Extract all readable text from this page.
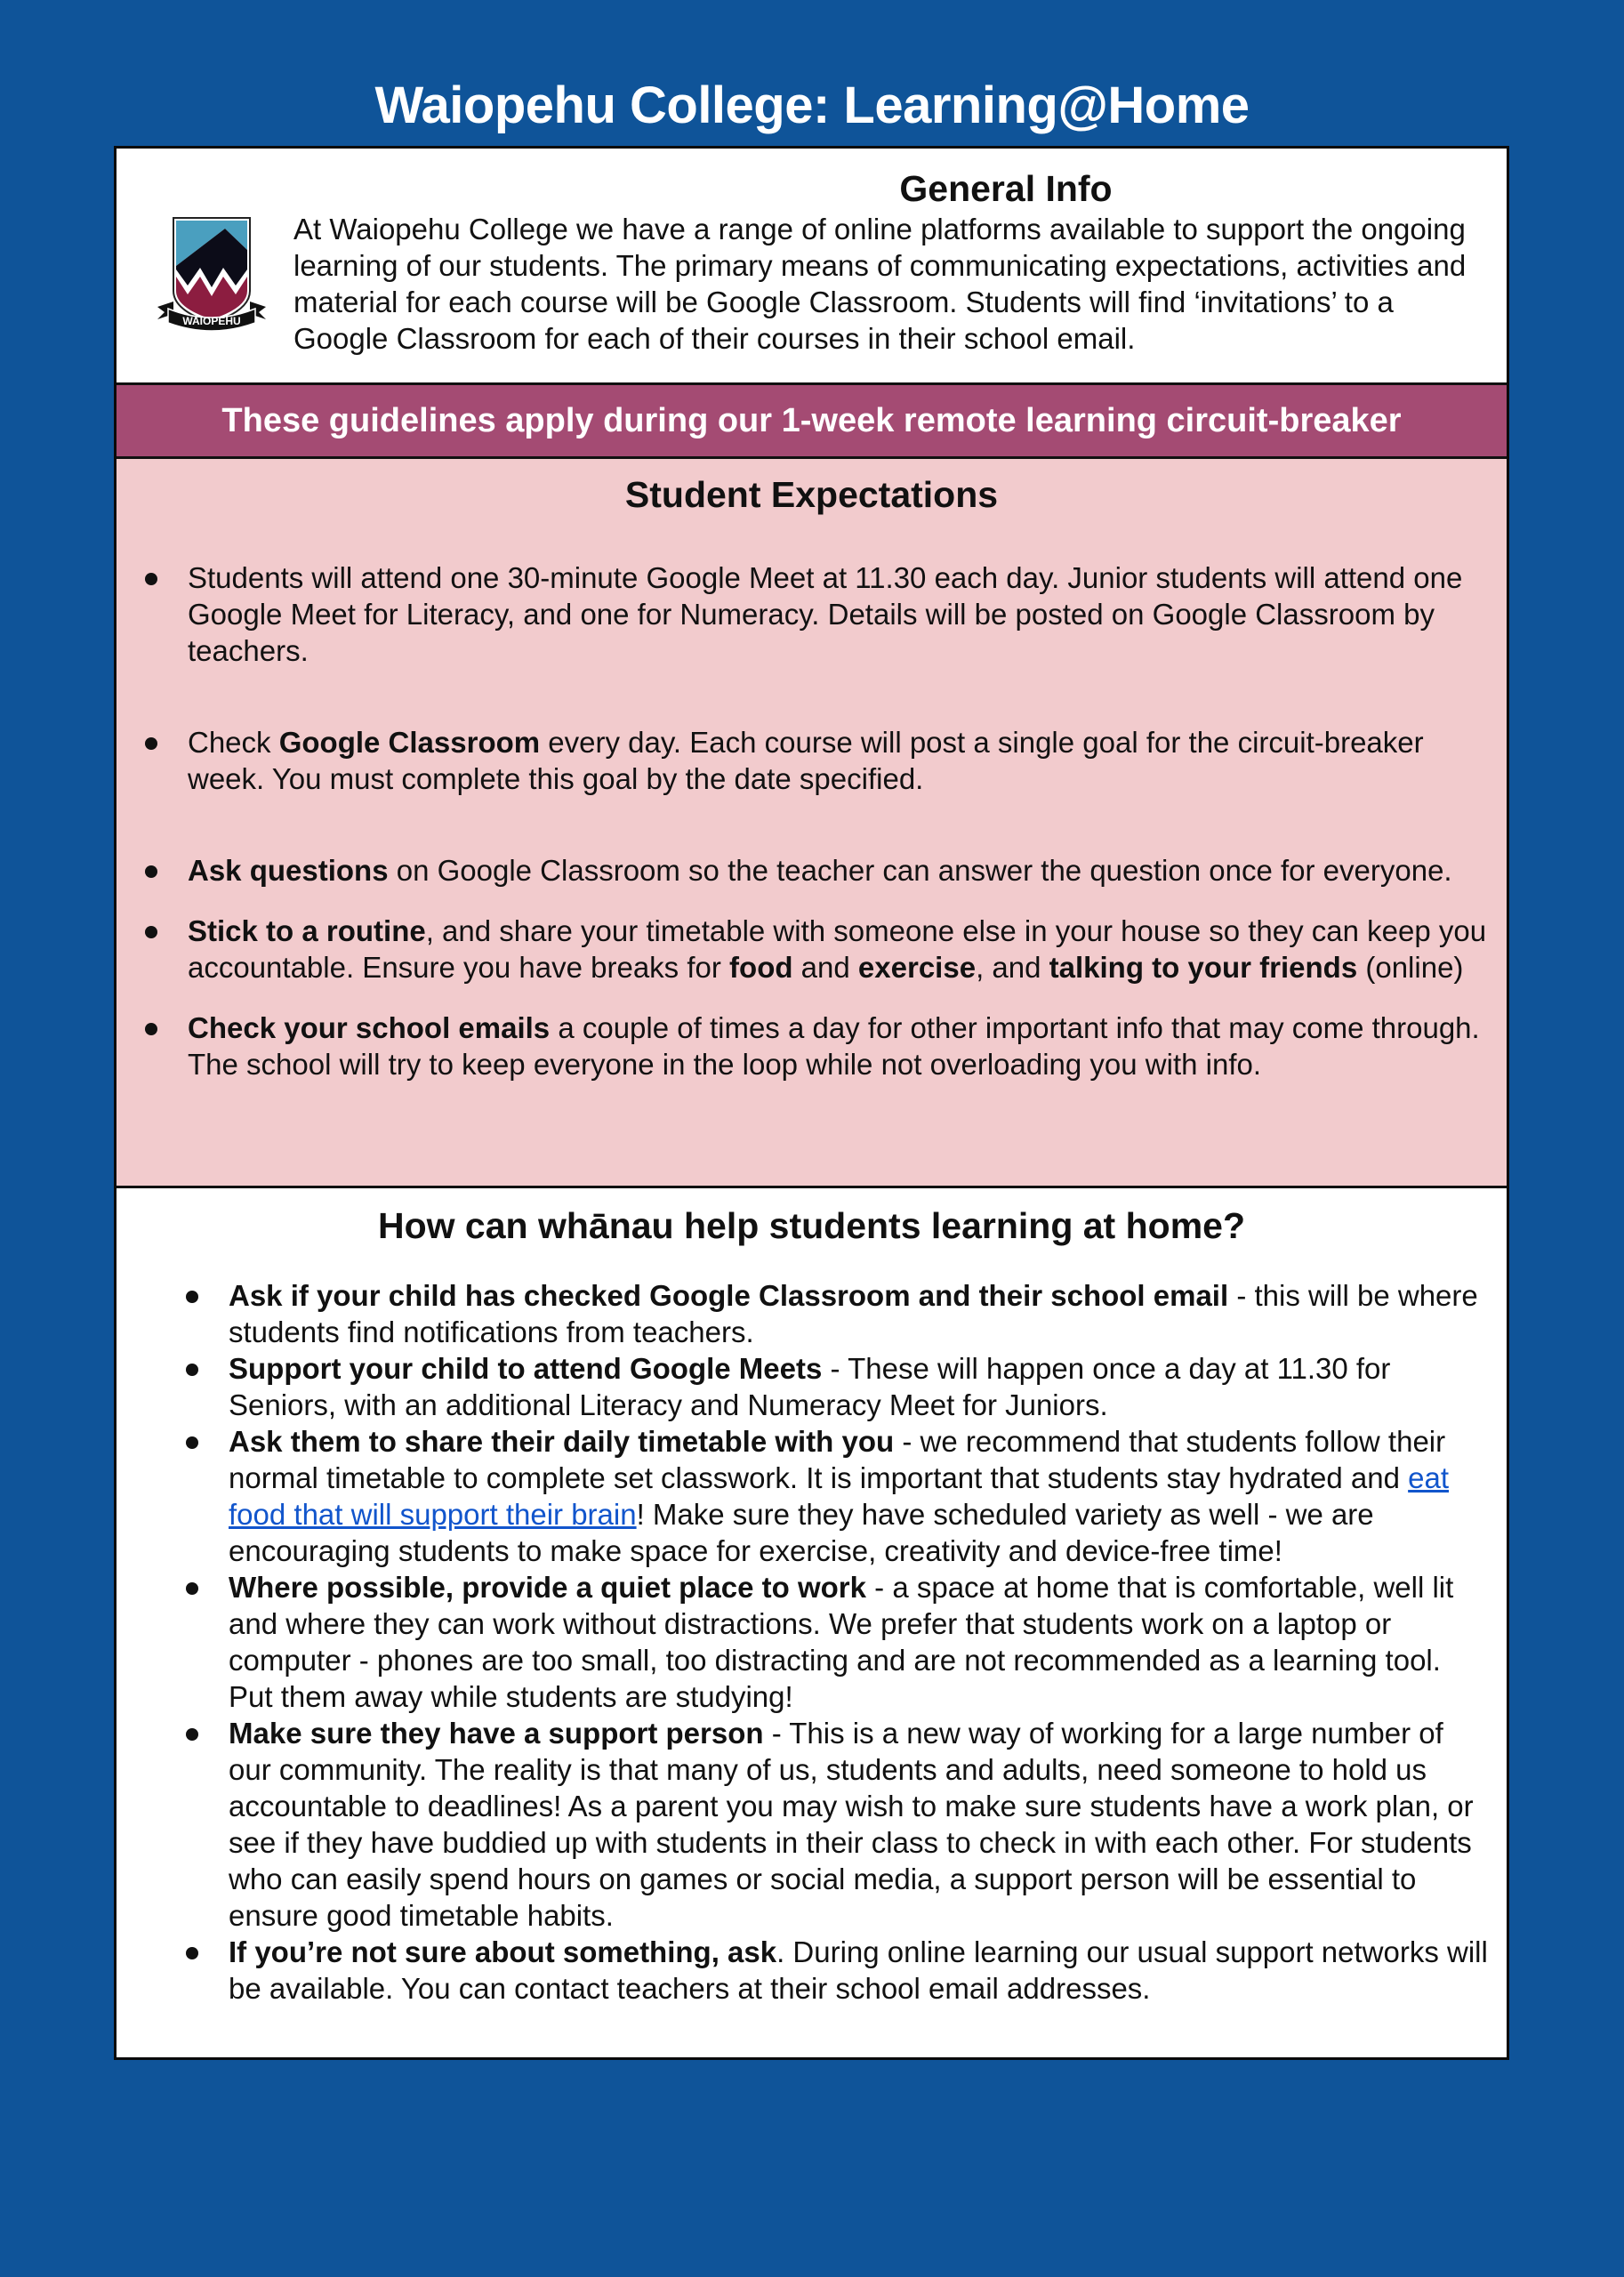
Waiopehu College: Learning@Home
WAIOPEHU
General Info

At Waiopehu College we have a range of online platforms available to support the ongoing learning of our students. The primary means of communicating expectations, activities and material for each course will be Google Classroom. Students will find ‘invitations’ to a Google Classroom for each of their courses in their school email.

These guidelines apply during our 1-week remote learning circuit-breaker
Student Expectations
Students will attend one 30-minute Google Meet at 11.30 each day. Junior students will attend one Google Meet for Literacy, and one for Numeracy. Details will be posted on Google Classroom by teachers.
Check Google Classroom every day. Each course will post a single goal for the circuit-breaker week. You must complete this goal by the date specified.
Ask questions on Google Classroom so the teacher can answer the question once for everyone.
Stick to a routine, and share your timetable with someone else in your house so they can keep you accountable. Ensure you have breaks for food and exercise, and talking to your friends (online)
Check your school emails a couple of times a day for other important info that may come through. The school will try to keep everyone in the loop while not overloading you with info.
How can whānau help students learning at home?
Ask if your child has checked Google Classroom and their school email - this will be where students find notifications from teachers.
Support your child to attend Google Meets - These will happen once a day at 11.30 for Seniors, with an additional Literacy and Numeracy Meet for Juniors.
Ask them to share their daily timetable with you - we recommend that students follow their normal timetable to complete set classwork. It is important that students stay hydrated and eat food that will support their brain! Make sure they have scheduled variety as well - we are encouraging students to make space for exercise, creativity and device-free time!
Where possible, provide a quiet place to work - a space at home that is comfortable, well lit and where they can work without distractions. We prefer that students work on a laptop or computer - phones are too small, too distracting and are not recommended as a learning tool. Put them away while students are studying!
Make sure they have a support person - This is a new way of working for a large number of our community. The reality is that many of us, students and adults, need someone to hold us accountable to deadlines! As a parent you may wish to make sure students have a work plan, or see if they have buddied up with students in their class to check in with each other. For students who can easily spend hours on games or social media, a support person will be essential to ensure good timetable habits.
If you’re not sure about something, ask. During online learning our usual support networks will be available. You can contact teachers at their school email addresses.
